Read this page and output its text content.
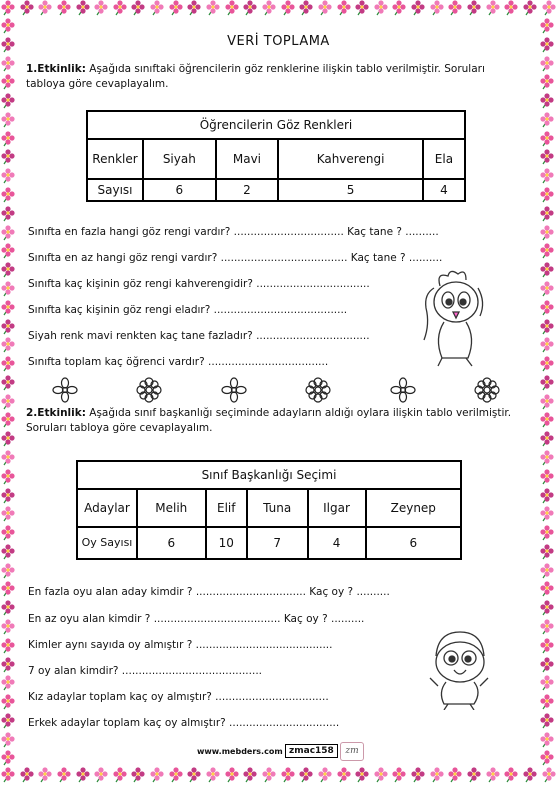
VERİ TOPLAMA
1.Etkinlik: Aşağıda sınıftaki öğrencilerin göz renklerine ilişkin tablo verilmiştir. Soruları tabloya göre cevaplayalım.
Öğrencilerin Göz Renkleri				
Renkler	Siyah	Mavi	Kahverengi	Ela
Sayısı	6	2	5	4
Sınıfta en fazla hangi göz rengi vardır? ................................. Kaç tane ? ..........
Sınıfta en az hangi göz rengi vardır? ...................................... Kaç tane ? ..........
Sınıfta kaç kişinin göz rengi kahverengidir? ..................................
Sınıfta kaç kişinin göz rengi eladır? ........................................
Siyah renk mavi renkten kaç tane fazladır? ..................................
Sınıfta toplam kaç öğrenci vardır? ....................................
2.Etkinlik: Aşağıda sınıf başkanlığı seçiminde adayların aldığı oylara ilişkin tablo verilmiştir. Soruları tabloya göre cevaplayalım.
Sınıf Başkanlığı Seçimi					
Adaylar	Melih	Elif	Tuna	Ilgar	Zeynep
Oy Sayısı	6	10	7	4	6
En fazla oyu alan aday kimdir ? ................................. Kaç oy ? ..........
En az oyu alan kimdir ? ...................................... Kaç oy ? ..........
Kimler aynı sayıda oy almıştır ? .........................................
7 oy alan kimdir? ..........................................
Kız adaylar toplam kaç oy almıştır? ..................................
Erkek adaylar toplam kaç oy almıştır? .................................
www.mebders.com zmac158	zm
